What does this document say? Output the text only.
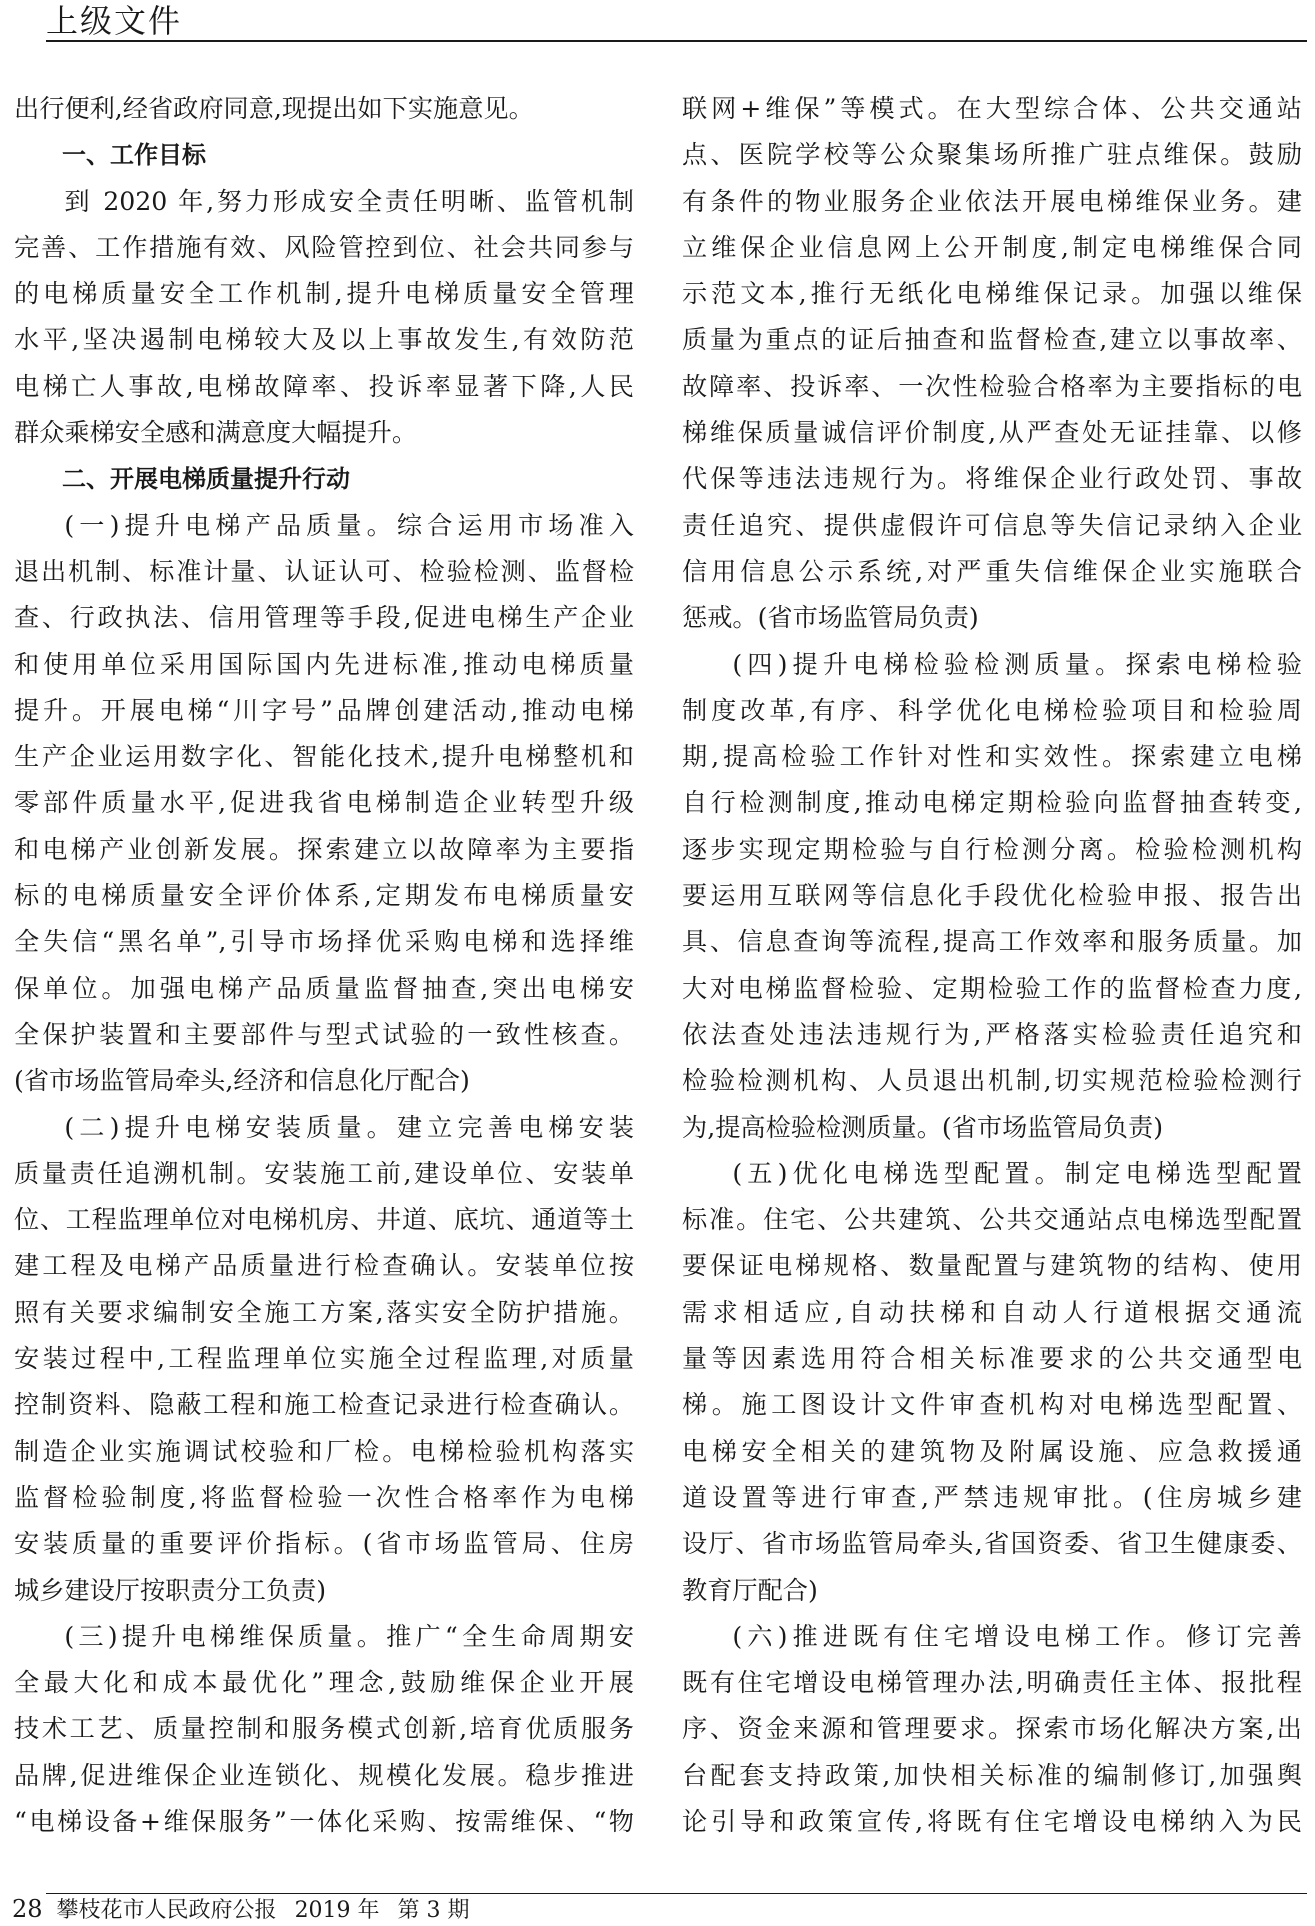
上级文件
出行便利,经省政府同意,现提出如下实施意见。
一、工作目标
到 2020 年,努力形成安全责任明晰、监管机制
完善、工作措施有效、风险管控到位、社会共同参与
的电梯质量安全工作机制,提升电梯质量安全管理
水平,坚决遏制电梯较大及以上事故发生,有效防范
电梯亡人事故,电梯故障率、投诉率显著下降,人民
群众乘梯安全感和满意度大幅提升。
二、开展电梯质量提升行动
(一)提升电梯产品质量。综合运用市场准入
退出机制、标准计量、认证认可、检验检测、监督检
查、行政执法、信用管理等手段,促进电梯生产企业
和使用单位采用国际国内先进标准,推动电梯质量
提升。开展电梯“川字号”品牌创建活动,推动电梯
生产企业运用数字化、智能化技术,提升电梯整机和
零部件质量水平,促进我省电梯制造企业转型升级
和电梯产业创新发展。探索建立以故障率为主要指
标的电梯质量安全评价体系,定期发布电梯质量安
全失信“黑名单”,引导市场择优采购电梯和选择维
保单位。加强电梯产品质量监督抽查,突出电梯安
全保护装置和主要部件与型式试验的一致性核查。
(省市场监管局牵头,经济和信息化厅配合)
(二)提升电梯安装质量。建立完善电梯安装
质量责任追溯机制。安装施工前,建设单位、安装单
位、工程监理单位对电梯机房、井道、底坑、通道等土
建工程及电梯产品质量进行检查确认。安装单位按
照有关要求编制安全施工方案,落实安全防护措施。
安装过程中,工程监理单位实施全过程监理,对质量
控制资料、隐蔽工程和施工检查记录进行检查确认。
制造企业实施调试校验和厂检。电梯检验机构落实
监督检验制度,将监督检验一次性合格率作为电梯
安装质量的重要评价指标。(省市场监管局、住房
城乡建设厅按职责分工负责)
(三)提升电梯维保质量。推广“全生命周期安
全最大化和成本最优化”理念,鼓励维保企业开展
技术工艺、质量控制和服务模式创新,培育优质服务
品牌,促进维保企业连锁化、规模化发展。稳步推进
“电梯设备+维保服务”一体化采购、按需维保、“物
联网+维保”等模式。在大型综合体、公共交通站
点、医院学校等公众聚集场所推广驻点维保。鼓励
有条件的物业服务企业依法开展电梯维保业务。建
立维保企业信息网上公开制度,制定电梯维保合同
示范文本,推行无纸化电梯维保记录。加强以维保
质量为重点的证后抽查和监督检查,建立以事故率、
故障率、投诉率、一次性检验合格率为主要指标的电
梯维保质量诚信评价制度,从严查处无证挂靠、以修
代保等违法违规行为。将维保企业行政处罚、事故
责任追究、提供虚假许可信息等失信记录纳入企业
信用信息公示系统,对严重失信维保企业实施联合
惩戒。(省市场监管局负责)
(四)提升电梯检验检测质量。探索电梯检验
制度改革,有序、科学优化电梯检验项目和检验周
期,提高检验工作针对性和实效性。探索建立电梯
自行检测制度,推动电梯定期检验向监督抽查转变,
逐步实现定期检验与自行检测分离。检验检测机构
要运用互联网等信息化手段优化检验申报、报告出
具、信息查询等流程,提高工作效率和服务质量。加
大对电梯监督检验、定期检验工作的监督检查力度,
依法查处违法违规行为,严格落实检验责任追究和
检验检测机构、人员退出机制,切实规范检验检测行
为,提高检验检测质量。(省市场监管局负责)
(五)优化电梯选型配置。制定电梯选型配置
标准。住宅、公共建筑、公共交通站点电梯选型配置
要保证电梯规格、数量配置与建筑物的结构、使用
需求相适应,自动扶梯和自动人行道根据交通流
量等因素选用符合相关标准要求的公共交通型电
梯。施工图设计文件审查机构对电梯选型配置、
电梯安全相关的建筑物及附属设施、应急救援通
道设置等进行审查,严禁违规审批。(住房城乡建
设厅、省市场监管局牵头,省国资委、省卫生健康委、
教育厅配合)
(六)推进既有住宅增设电梯工作。修订完善
既有住宅增设电梯管理办法,明确责任主体、报批程
序、资金来源和管理要求。探索市场化解决方案,出
台配套支持政策,加快相关标准的编制修订,加强舆
论引导和政策宣传,将既有住宅增设电梯纳入为民
28 攀枝花市人民政府公报 2019 年 第 3 期
